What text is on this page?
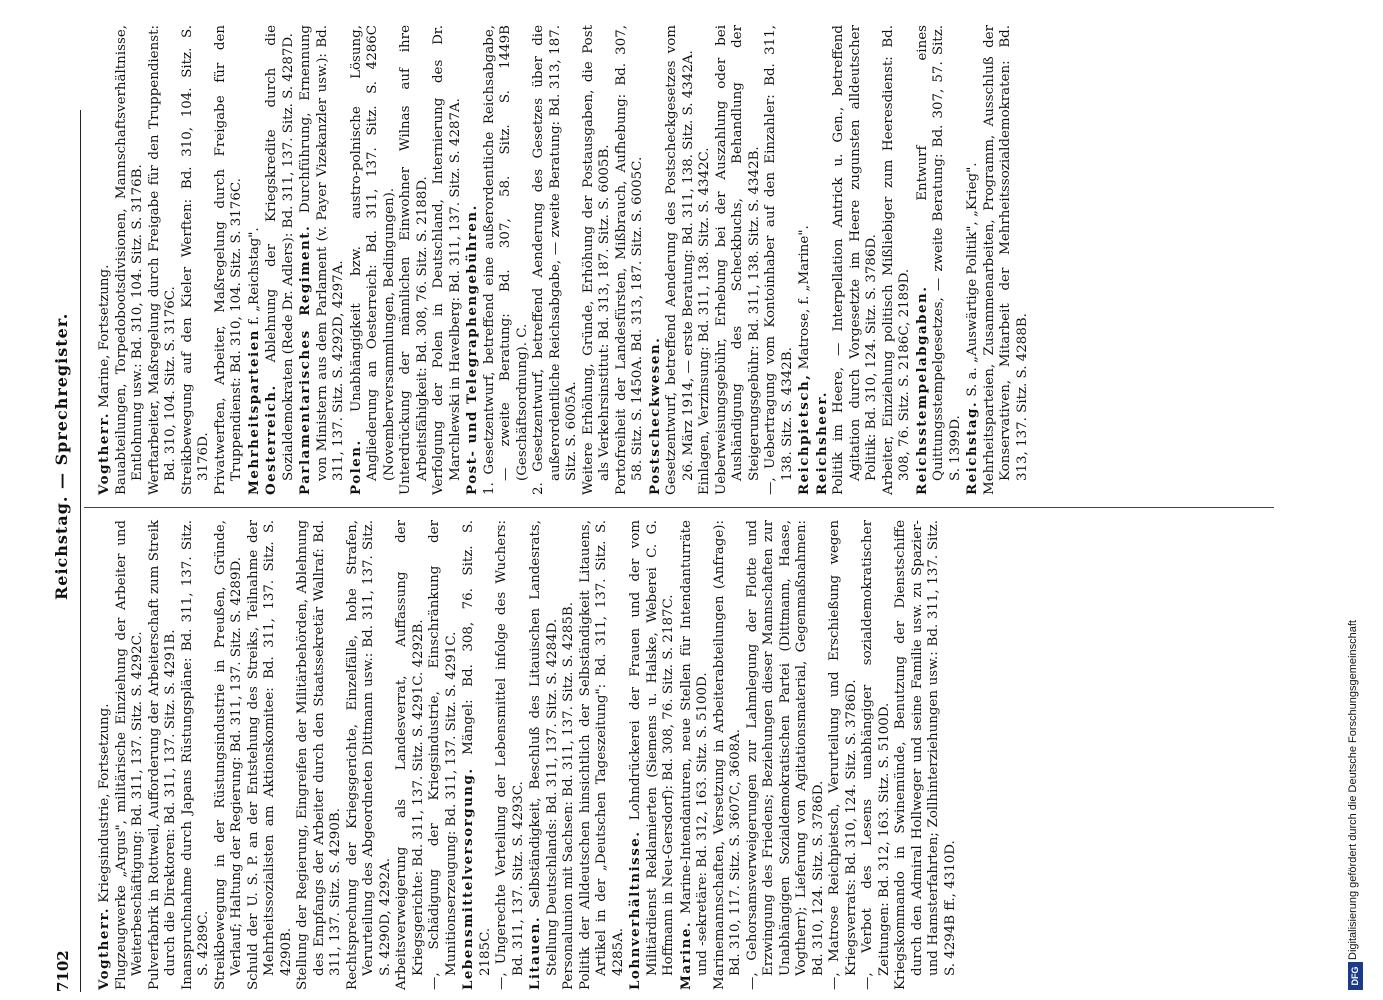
7102
Reichstag. — Sprechregister.

Vogtherr. Kriegsindustrie, Fortsetzung. Flugzeugwerke „Argus", militärische Einziehung der Arbeiter und Weiterbeschäftigung: Bd. 311, 137. Sitz. S. 4292C. Pulverfabrik in Rottweil, Aufforderung der Arbeiterschaft zum Streik durch die Direktoren: Bd. 311, 137. Sitz. S. 4291B. Inanspruchnahme durch Japans Rüstungspläne: Bd. 311, 137. Sitz. S. 4289C. Streikbewegung in der Rüstungsindustrie in Preußen, Gründe, Verlauf; Haltung der Regierung: Bd. 311, 137. Sitz. S. 4289D. Schuld der U. S. P. an der Entstehung des Streiks, Teilnahme der Mehrheitssozialisten am Aktionskomitee: Bd. 311, 137. Sitz. S. 4290B. Stellung der Regierung, Eingreifen der Militärbehörden, Ablehnung des Empfangs der Arbeiter durch den Staatssekretär Wallraf: Bd. 311, 137. Sitz. S. 4290B. Rechtsprechung der Kriegsgerichte, Einzelfälle, hohe Strafen, Verurteilung des Abgeordneten Dittmann usw.: Bd. 311, 137. Sitz. S. 4290D, 4292A. Arbeitsverweigerung als Landesverrat, Auffassung der Kriegsgerichte: Bd. 311, 137. Sitz. S. 4291C. 4292B. —, Schädigung der Kriegsindustrie, Einschränkung der Munitionserzeugung: Bd. 311, 137. Sitz. S. 4291C. Lebensmittelversorgung. Mängel: Bd. 308, 76. Sitz. S. 2185C. —, Ungerechte Verteilung der Lebensmittel infolge des Wuchers: Bd. 311, 137. Sitz. S. 4293C. Litauen. Selbständigkeit, Beschluß des Litauischen Landesrats, Stellung Deutschlands: Bd. 311, 137. Sitz. S. 4284D. Personalunion mit Sachsen: Bd. 311, 137. Sitz. S. 4285B. Politik der Alldeutschen hinsichtlich der Selbständigkeit Litauens, Artikel in der „Deutschen Tageszeitung": Bd. 311, 137. Sitz. S. 4285A. Lohnverhältnisse. Lohndrückerei der Frauen und der vom Militärdienst Reklamierten (Siemens u. Halske, Weberei C. G. Hoffmann in Neu-Gersdorf): Bd. 308, 76. Sitz. S. 2187C. Marine. Marine-Intendanturen, neue Stellen für Intendanturräte und -sekretäre: Bd. 312, 163. Sitz. S. 5100D. Marinemannschaften, Versetzung in Arbeiterabteilungen (Anfrage): Bd. 310, 117. Sitz. S. 3607C, 3608A. —, Gehorsamsverweigerungen zur Lahmlegung der Flotte und Erzwingung des Friedens; Beziehungen dieser Mannschaften zur Unabhängigen Sozialdemokratischen Partei (Dittmann, Haase, Vogtherr); Lieferung von Agitationsmaterial, Gegenmaßnahmen: Bd. 310, 124. Sitz. S. 3786D. —, Matrose Reichpietsch, Verurteilung und Erschießung wegen Kriegsverrats: Bd. 310, 124. Sitz. S. 3786D. —, Verbot des Lesens unabhängiger sozialdemokratischer Zeitungen: Bd. 312, 163. Sitz. S. 5100D. Kriegskommando in Swinemünde, Benutzung der Dienstschiffe durch den Admiral Hollweger und seine Familie usw. zu Spazier- und Hamsterfahrten; Zollhinterziehungen usw.: Bd. 311, 137. Sitz. S. 4294B ff., 4310D.

Vogtherr. Marine, Fortsetzung. Bauabteilungen, Torpedobootsdivisionen, Mannschaftsverhältnisse, Entlohnung usw.: Bd. 310, 104. Sitz. S. 3176B. Werftarbeiter, Maßregelung durch Freigabe für den Truppendienst: Bd. 310, 104. Sitz. S. 3176C. Streikbewegung auf den Kieler Werften: Bd. 310, 104. Sitz. S. 3176D. Privatwerften, Arbeiter, Maßregelung durch Freigabe für den Truppendienst: Bd. 310, 104. Sitz. S. 3176C. Mehrheitsparteien f. „Reichstag".

Oesterreich. Ablehnung der Kriegskredite durch die Sozialdemokraten (Rede Dr. Adlers): Bd. 311, 137. Sitz. S. 4287D. Parlamentarisches Regiment. Durchführung, Ernennung von Ministern aus dem Parlament (v. Payer Vizekanzler usw.): Bd. 311, 137. Sitz. S. 4292D, 4297A. Polen. Unabhängigkeit bzw. austro-polnische Lösung, Angliederung an Oesterreich: Bd. 311, 137. Sitz. S. 4286C (Novemberversammlungen, Bedingungen). Unterdrückung der männlichen Einwohner Wilnas auf ihre Arbeitsfähigkeit: Bd. 308, 76. Sitz. S. 2188D. Verfolgung der Polen in Deutschland, Internierung des Dr. Marchlewski in Havelberg: Bd. 311, 137. Sitz. S. 4287A. Post- und Telegraphengebühren. 1. Gesetzentwurf, betreffend eine außerordentliche Reichsabgabe, — zweite Beratung: Bd. 307, 58. Sitz. S. 1449B (Geschäftsordnung). C. 2. Gesetzentwurf, betreffend Aenderung des Gesetzes über die außerordentliche Reichsabgabe, — zweite Beratung: Bd. 313, 187. Sitz. S. 6005A. Weitere Erhöhung, Gründe, Erhöhung der Postausgaben, die Post als Verkehrsinstitut: Bd. 313, 187. Sitz. S. 6005B. Portofreiheit der Landesfürsten, Mißbrauch, Aufhebung: Bd. 307, 58. Sitz. S. 1450A. Bd. 313, 187. Sitz. S. 6005C. Postscheckwesen. Gesetzentwurf, betreffend Aenderung des Postscheckgesetzes vom 26. März 1914, — erste Beratung: Bd. 311, 138. Sitz. S. 4342A. Einlagen, Verzinsung: Bd. 311, 138. Sitz. S. 4342C. Ueberweisungsgebühr, Erhebung bei der Auszahlung oder bei Aushändigung des Scheckbuchs, Behandlung der Steigerungsgebühr: Bd. 311, 138. Sitz. S. 4342B. —, Uebertragung vom Kontoinhaber auf den Einzahler: Bd. 311, 138. Sitz. S. 4342B. Reichpietsch, Matrose, f. „Marine".

Reichsheer. Politik im Heere, — Interpellation Antrick u. Gen., betreffend Agitation durch Vorgesetzte im Heere zugunsten alldeutscher Politik: Bd. 310, 124. Sitz. S. 3786D. Arbeiter, Einziehung politisch Mißliebiger zum Heeresdienst: Bd. 308, 76. Sitz. S. 2186C, 2189D. Reichsstempelabgaben. Entwurf eines Quittungsstempelgesetzes, — zweite Beratung: Bd. 307, 57. Sitz. S. 1399D. Reichstag. S. a. „Auswärtige Politik", „Krieg". Mehrheitsparteien, Zusammenarbeiten, Programm, Ausschluß der Konservativen, Mitarbeit der Mehrheitssozialdemokraten: Bd. 313, 137. Sitz. S. 4288B.

DFG
Digitalisierung gefördert durch die Deutsche Forschungsgemeinschaft
